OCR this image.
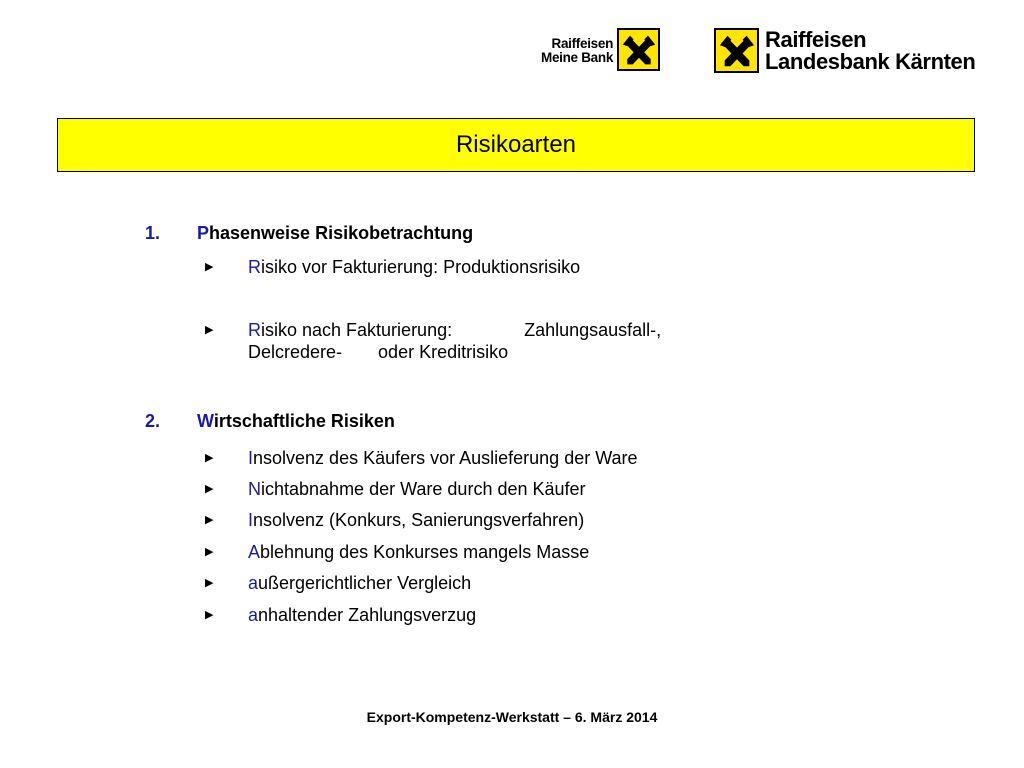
Raiffeisen
Meine Bank
Raiffeisen
Landesbank Kärnten
Risikoarten
1.	Phasenweise Risikobetrachtung
▶	Risiko vor Fakturierung: Produktionsrisiko
▶	Risiko nach Fakturierung:	Zahlungsausfall-,
Delcredere- oder Kreditrisiko
2.	Wirtschaftliche Risiken
▶	Insolvenz des Käufers vor Auslieferung der Ware
▶	Nichtabnahme der Ware durch den Käufer
▶	Insolvenz (Konkurs, Sanierungsverfahren)
▶	Ablehnung des Konkurses mangels Masse
▶	außergerichtlicher Vergleich
▶	anhaltender Zahlungsverzug
Export-Kompetenz-Werkstatt – 6. März 2014
